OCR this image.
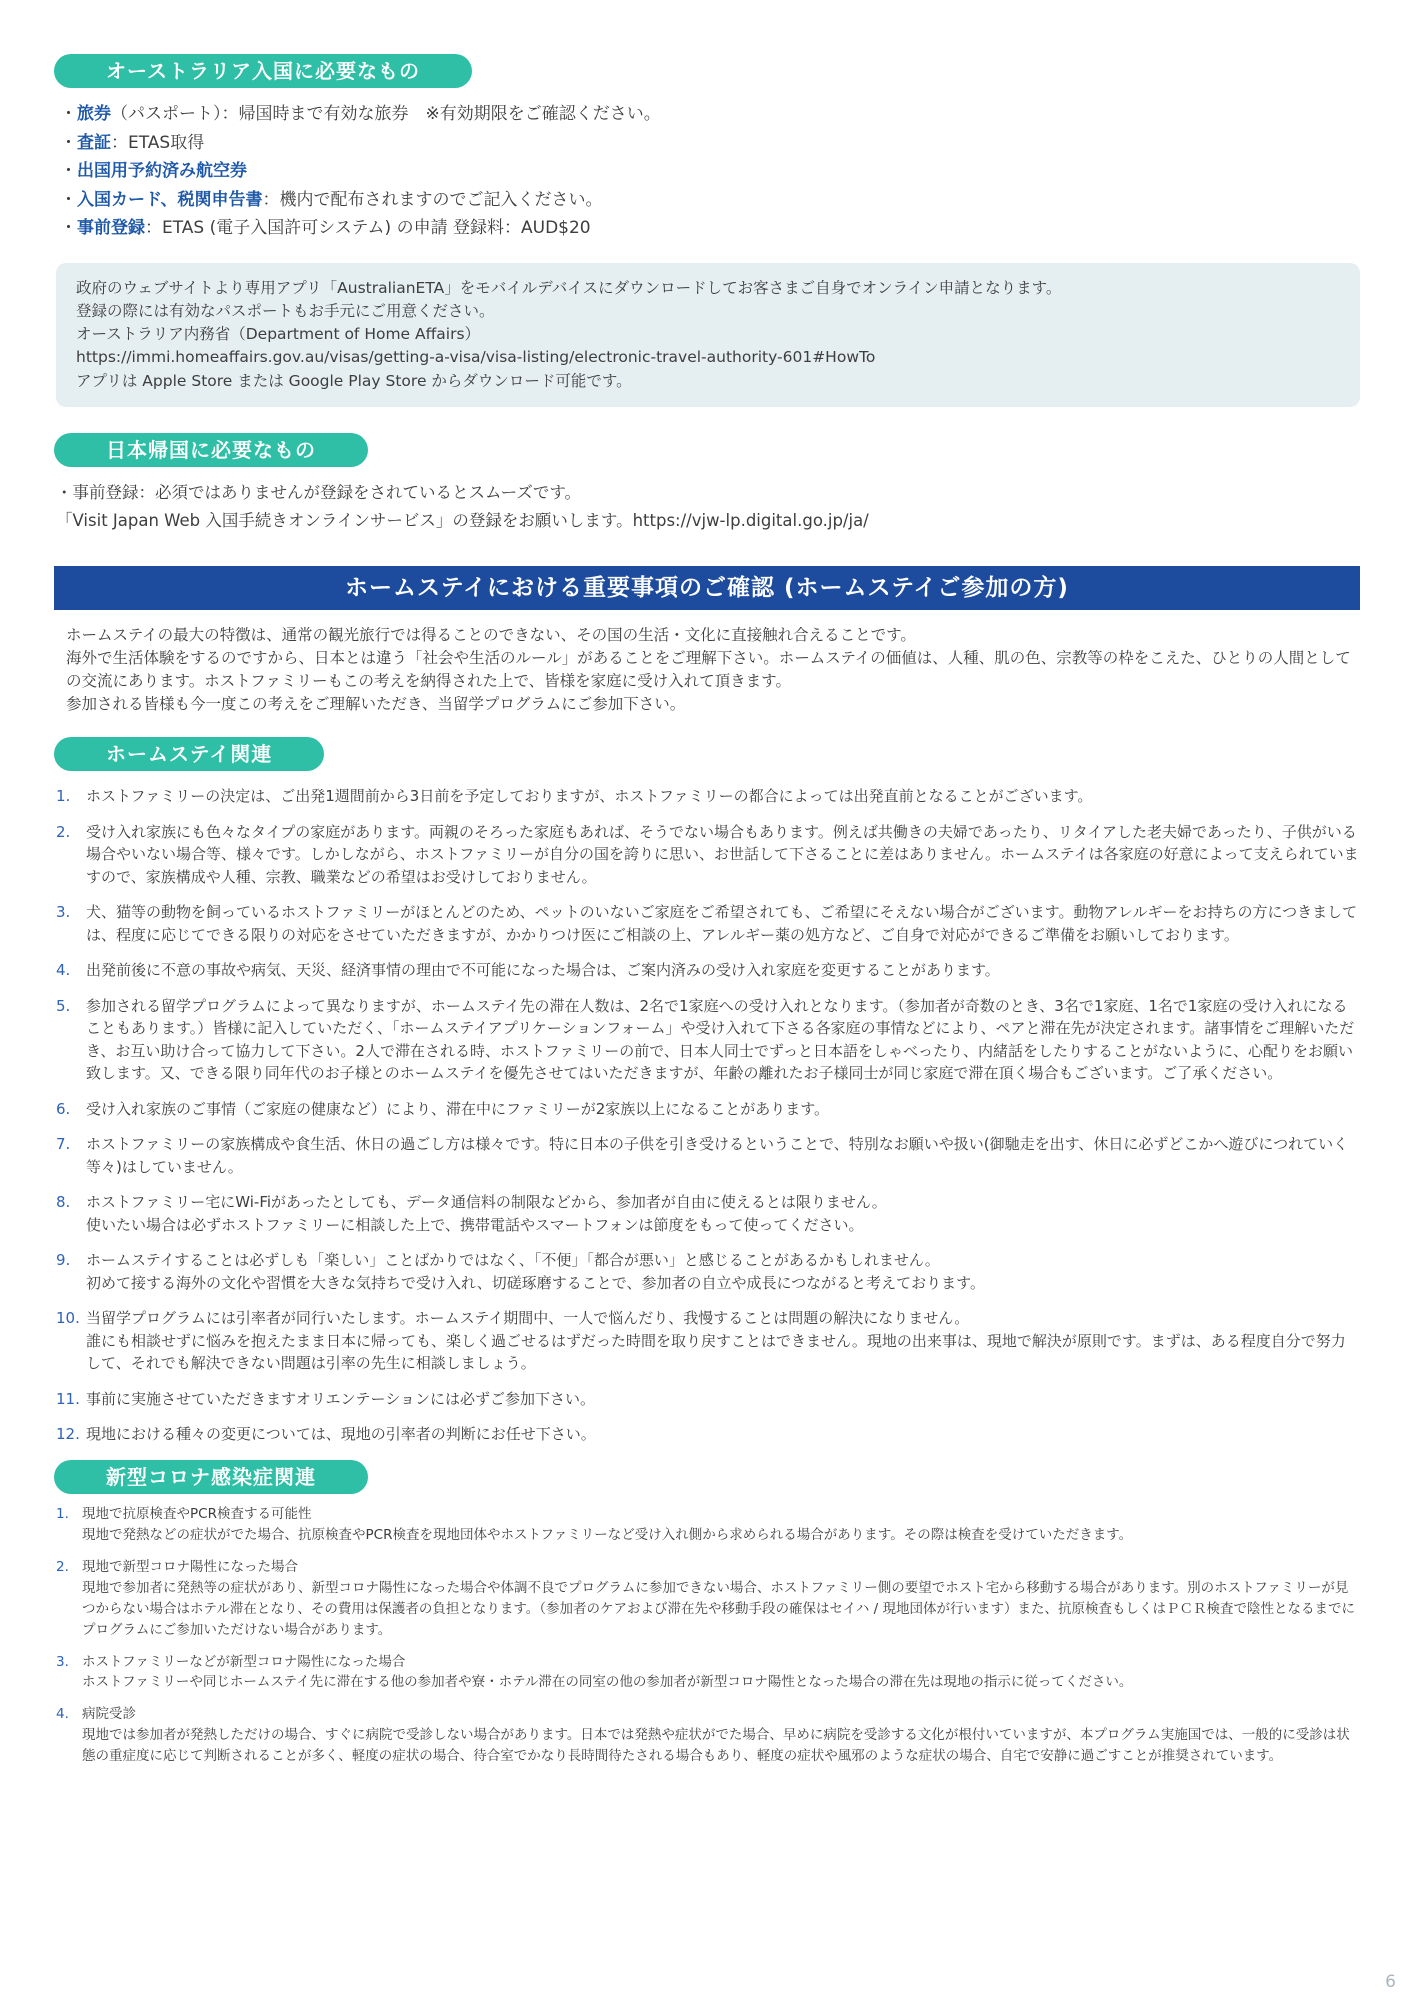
オーストラリア入国に必要なもの
・旅券（パスポート）：帰国時まで有効な旅券　※有効期限をご確認ください。
・査証：ETAS取得
・出国用予約済み航空券
・入国カード、税関申告書：機内で配布されますのでご記入ください。
・事前登録：ETAS (電子入国許可システム) の申請 登録料：AUD$20
政府のウェブサイトより専用アプリ「AustralianETA」をモバイルデバイスにダウンロードしてお客さまご自身でオンライン申請となります。
登録の際には有効なパスポートもお手元にご用意ください。
オーストラリア内務省（Department of Home Affairs）
https://immi.homeaffairs.gov.au/visas/getting-a-visa/visa-listing/electronic-travel-authority-601#HowTo
アプリは Apple Store または Google Play Store からダウンロード可能です。
日本帰国に必要なもの
・事前登録：必須ではありませんが登録をされているとスムーズです。
「Visit Japan Web 入国手続きオンラインサービス」の登録をお願いします。https://vjw-lp.digital.go.jp/ja/
ホームステイにおける重要事項のご確認 (ホームステイご参加の方)
ホームステイの最大の特徴は、通常の観光旅行では得ることのできない、その国の生活・文化に直接触れ合えることです。
海外で生活体験をするのですから、日本とは違う「社会や生活のルール」があることをご理解下さい。ホームステイの価値は、人種、肌の色、宗教等の枠をこえた、ひとりの人間としての交流にあります。ホストファミリーもこの考えを納得された上で、皆様を家庭に受け入れて頂きます。
参加される皆様も今一度この考えをご理解いただき、当留学プログラムにご参加下さい。
ホームステイ関連
1.	ホストファミリーの決定は、ご出発1週間前から3日前を予定しておりますが、ホストファミリーの都合によっては出発直前となることがございます。
2.	受け入れ家族にも色々なタイプの家庭があります。両親のそろった家庭もあれば、そうでない場合もあります。例えば共働きの夫婦であったり、リタイアした老夫婦であったり、子供がいる場合やいない場合等、様々です。しかしながら、ホストファミリーが自分の国を誇りに思い、お世話して下さることに差はありません。ホームステイは各家庭の好意によって支えられていますので、家族構成や人種、宗教、職業などの希望はお受けしておりません。
3.	犬、猫等の動物を飼っているホストファミリーがほとんどのため、ペットのいないご家庭をご希望されても、ご希望にそえない場合がございます。動物アレルギーをお持ちの方につきましては、程度に応じてできる限りの対応をさせていただきますが、かかりつけ医にご相談の上、アレルギー薬の処方など、ご自身で対応ができるご準備をお願いしております。
4.	出発前後に不意の事故や病気、天災、経済事情の理由で不可能になった場合は、ご案内済みの受け入れ家庭を変更することがあります。
5.	参加される留学プログラムによって異なりますが、ホームステイ先の滞在人数は、2名で1家庭への受け入れとなります。（参加者が奇数のとき、3名で1家庭、1名で1家庭の受け入れになることもあります。）皆様に記入していただく、「ホームステイアプリケーションフォーム」や受け入れて下さる各家庭の事情などにより、ペアと滞在先が決定されます。諸事情をご理解いただき、お互い助け合って協力して下さい。2人で滞在される時、ホストファミリーの前で、日本人同士でずっと日本語をしゃべったり、内緒話をしたりすることがないように、心配りをお願い致します。又、できる限り同年代のお子様とのホームステイを優先させてはいただきますが、年齢の離れたお子様同士が同じ家庭で滞在頂く場合もございます。ご了承ください。
6.	受け入れ家族のご事情（ご家庭の健康など）により、滞在中にファミリーが2家族以上になることがあります。
7.	ホストファミリーの家族構成や食生活、休日の過ごし方は様々です。特に日本の子供を引き受けるということで、特別なお願いや扱い(御馳走を出す、休日に必ずどこかへ遊びにつれていく等々)はしていません。
8.	ホストファミリー宅にWi-Fiがあったとしても、データ通信料の制限などから、参加者が自由に使えるとは限りません。
使いたい場合は必ずホストファミリーに相談した上で、携帯電話やスマートフォンは節度をもって使ってください。
9.	ホームステイすることは必ずしも「楽しい」ことばかりではなく、「不便」「都合が悪い」と感じることがあるかもしれません。
初めて接する海外の文化や習慣を大きな気持ちで受け入れ、切磋琢磨することで、参加者の自立や成長につながると考えております。
10. 当留学プログラムには引率者が同行いたします。ホームステイ期間中、一人で悩んだり、我慢することは問題の解決になりません。
誰にも相談せずに悩みを抱えたまま日本に帰っても、楽しく過ごせるはずだった時間を取り戻すことはできません。現地の出来事は、現地で解決が原則です。まずは、ある程度自分で努力して、それでも解決できない問題は引率の先生に相談しましょう。
11. 事前に実施させていただきますオリエンテーションには必ずご参加下さい。
12. 現地における種々の変更については、現地の引率者の判断にお任せ下さい。
新型コロナ感染症関連
1. 現地で抗原検査やPCR検査する可能性
現地で発熱などの症状がでた場合、抗原検査やPCR検査を現地団体やホストファミリーなど受け入れ側から求められる場合があります。その際は検査を受けていただきます。
2. 現地で新型コロナ陽性になった場合
現地で参加者に発熱等の症状があり、新型コロナ陽性になった場合や体調不良でプログラムに参加できない場合、ホストファミリー側の要望でホスト宅から移動する場合があります。別のホストファミリーが見つからない場合はホテル滞在となり、その費用は保護者の負担となります。（参加者のケアおよび滞在先や移動手段の確保はセイハ / 現地団体が行います）また、抗原検査もしくはＰＣＲ検査で陰性となるまでにプログラムにご参加いただけない場合があります。
3. ホストファミリーなどが新型コロナ陽性になった場合
ホストファミリーや同じホームステイ先に滞在する他の参加者や寮・ホテル滞在の同室の他の参加者が新型コロナ陽性となった場合の滞在先は現地の指示に従ってください。
4. 病院受診
現地では参加者が発熱しただけの場合、すぐに病院で受診しない場合があります。日本では発熱や症状がでた場合、早めに病院を受診する文化が根付いていますが、本プログラム実施国では、一般的に受診は状態の重症度に応じて判断されることが多く、軽度の症状の場合、待合室でかなり長時間待たされる場合もあり、軽度の症状や風邪のような症状の場合、自宅で安静に過ごすことが推奨されています。
6
